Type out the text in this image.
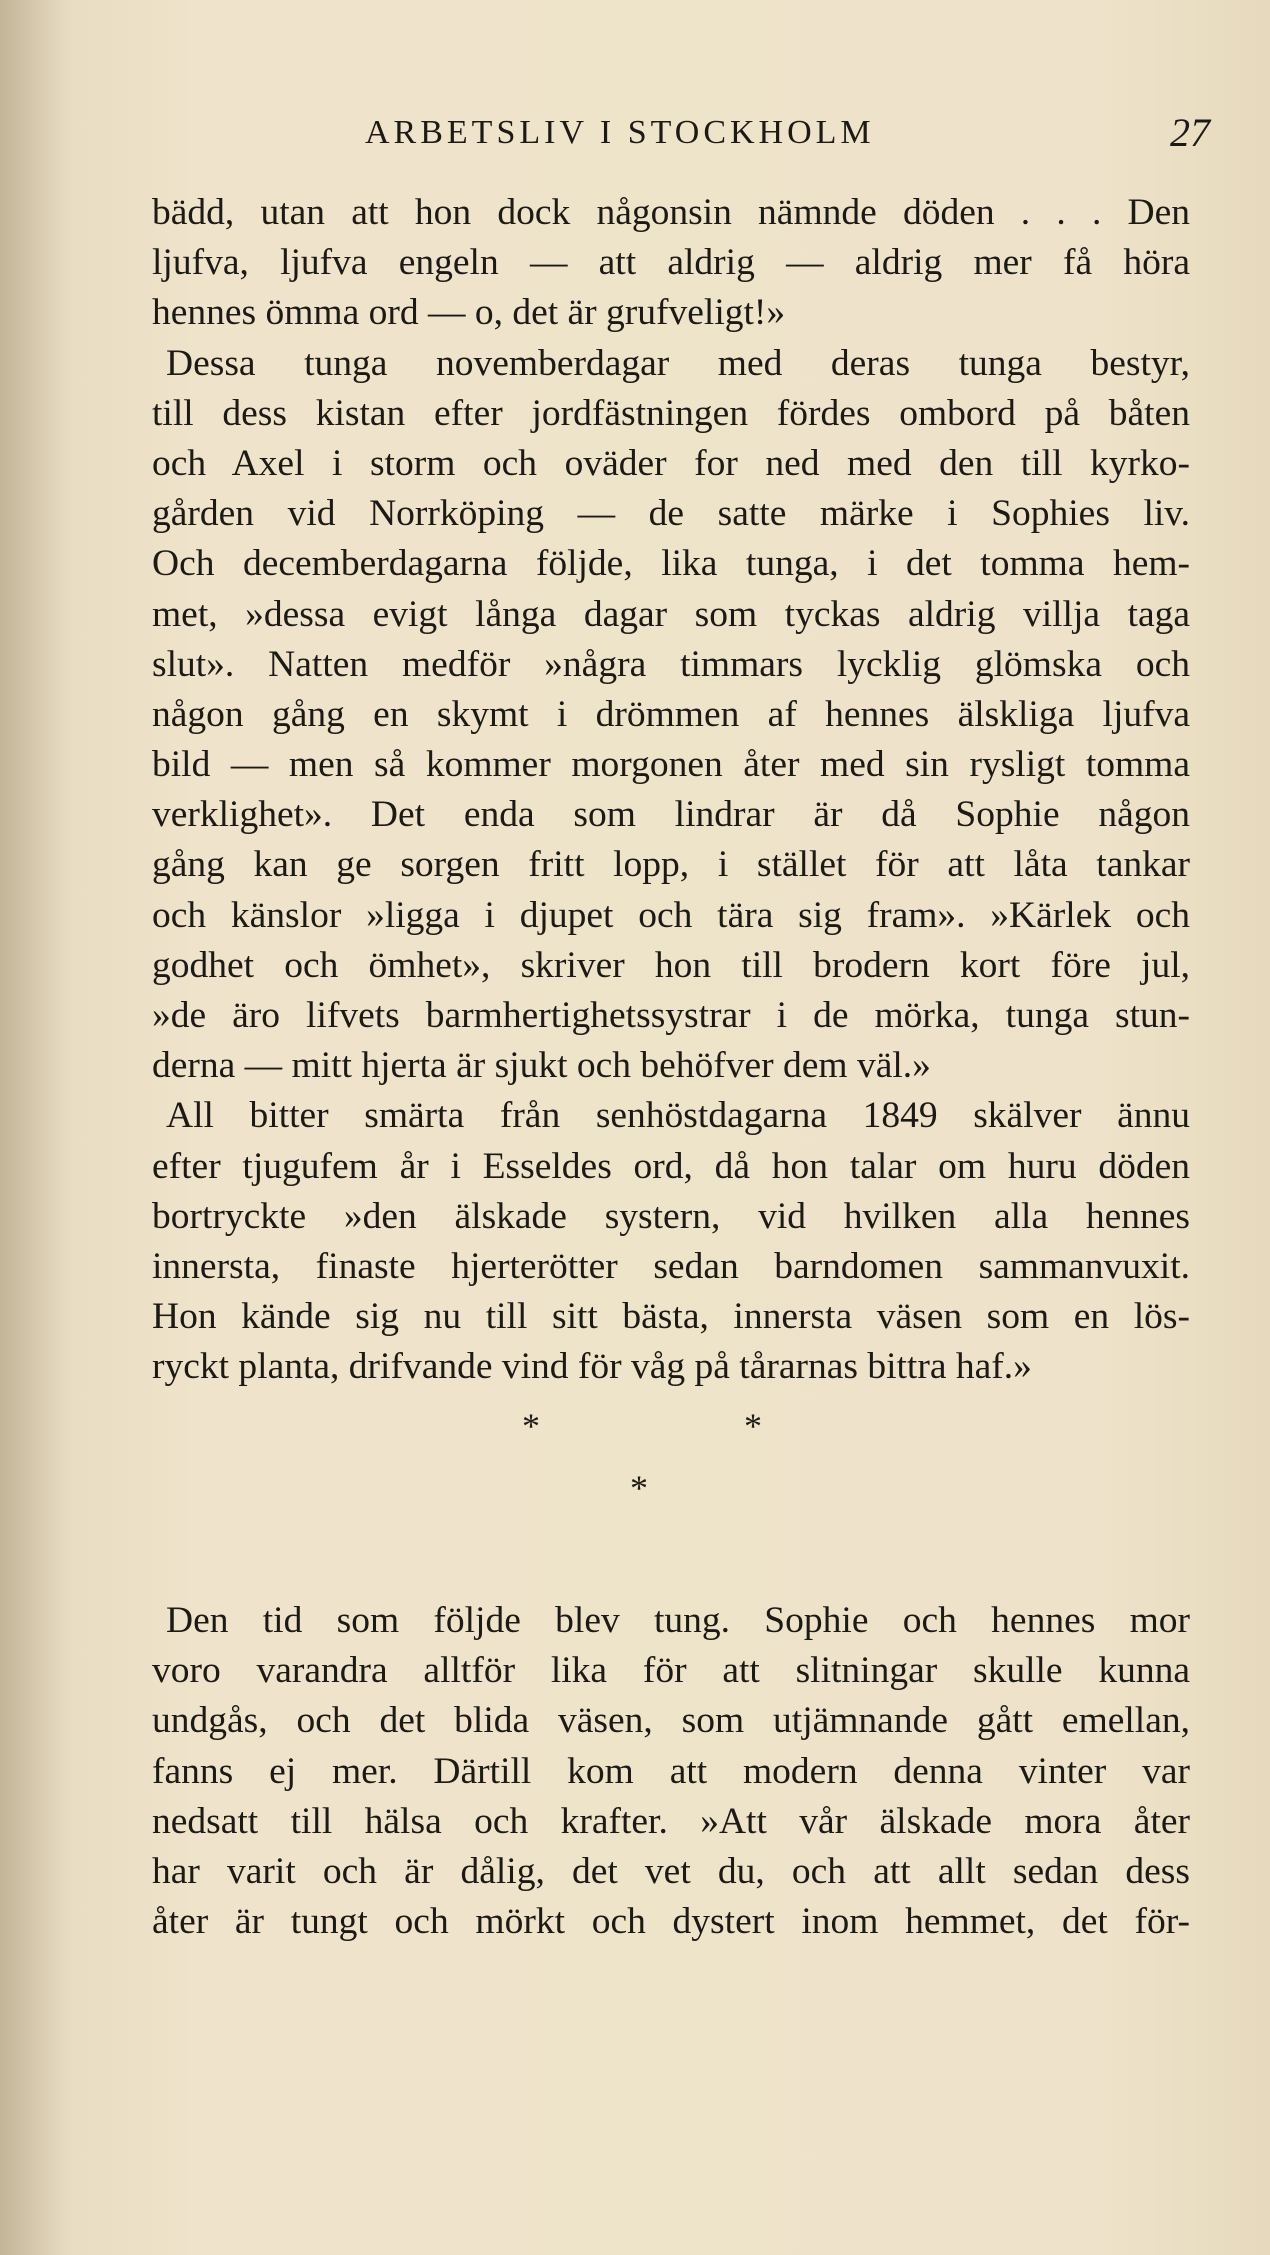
ARBETSLIV I STOCKHOLM	27
bädd, utan att hon dock någonsin nämnde döden . . . Den
ljufva, ljufva engeln — att aldrig — aldrig mer få höra
hennes ömma ord — o, det är grufveligt!»
Dessa tunga novemberdagar med deras tunga bestyr,
till dess kistan efter jordfästningen fördes ombord på båten
och Axel i storm och oväder for ned med den till kyrko-
gården vid Norrköping — de satte märke i Sophies liv.
Och decemberdagarna följde, lika tunga, i det tomma hem-
met, »dessa evigt långa dagar som tyckas aldrig villja taga
slut». Natten medför »några timmars lycklig glömska och
någon gång en skymt i drömmen af hennes älskliga ljufva
bild — men så kommer morgonen åter med sin rysligt tomma
verklighet». Det enda som lindrar är då Sophie någon
gång kan ge sorgen fritt lopp, i stället för att låta tankar
och känslor »ligga i djupet och tära sig fram». »Kärlek och
godhet och ömhet», skriver hon till brodern kort före jul,
»de äro lifvets barmhertighetssystrar i de mörka, tunga stun-
derna — mitt hjerta är sjukt och behöfver dem väl.»
All bitter smärta från senhöstdagarna 1849 skälver ännu
efter tjugufem år i Esseldes ord, då hon talar om huru döden
bortryckte »den älskade systern, vid hvilken alla hennes
innersta, finaste hjerterötter sedan barndomen sammanvuxit.
Hon kände sig nu till sitt bästa, innersta väsen som en lös-
ryckt planta, drifvande vind för våg på tårarnas bittra haf.»
*	*
*
Den tid som följde blev tung. Sophie och hennes mor
voro varandra alltför lika för att slitningar skulle kunna
undgås, och det blida väsen, som utjämnande gått emellan,
fanns ej mer. Därtill kom att modern denna vinter var
nedsatt till hälsa och krafter. »Att vår älskade mora åter
har varit och är dålig, det vet du, och att allt sedan dess
åter är tungt och mörkt och dystert inom hemmet, det för-
